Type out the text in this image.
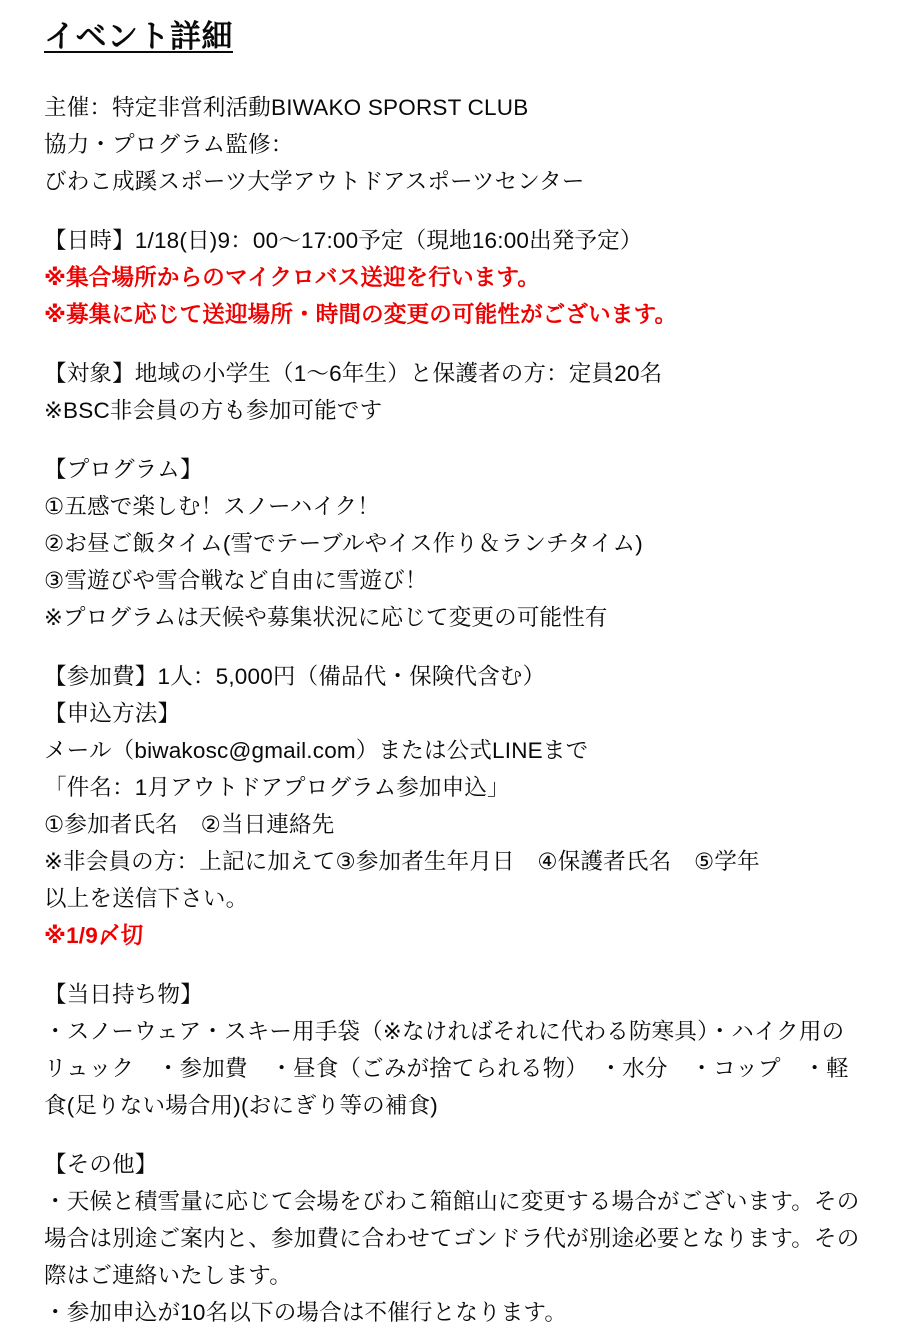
イベント詳細
主催：特定非営利活動BIWAKO SPORST CLUB
協力・プログラム監修：
びわこ成蹊スポーツ大学アウトドアスポーツセンター
【日時】1/18(日)9：00〜17:00予定（現地16:00出発予定）
※集合場所からのマイクロバス送迎を行います。
※募集に応じて送迎場所・時間の変更の可能性がございます。
【対象】地域の小学生（1〜6年生）と保護者の方：定員20名
※BSC非会員の方も参加可能です
【プログラム】
①五感で楽しむ！スノーハイク！
②お昼ご飯タイム(雪でテーブルやイス作り＆ランチタイム)
③雪遊びや雪合戦など自由に雪遊び！
※プログラムは天候や募集状況に応じて変更の可能性有
【参加費】1人：5,000円（備品代・保険代含む）
【申込方法】
メール（biwakosc@gmail.com）または公式LINEまで
「件名：1月アウトドアプログラム参加申込」
①参加者氏名　②当日連絡先
※非会員の方：上記に加えて③参加者生年月日　④保護者氏名　⑤学年
以上を送信下さい。
※1/9〆切
【当日持ち物】
・スノーウェア・スキー用手袋（※なければそれに代わる防寒具）・ハイク用のリュック　・参加費　・昼食（ごみが捨てられる物）　・水分　・コップ　・軽食(足りない場合用)(おにぎり等の補食)
【その他】
・天候と積雪量に応じて会場をびわこ箱館山に変更する場合がございます。その場合は別途ご案内と、参加費に合わせてゴンドラ代が別途必要となります。その際はご連絡いたします。
・参加申込が10名以下の場合は不催行となります。
